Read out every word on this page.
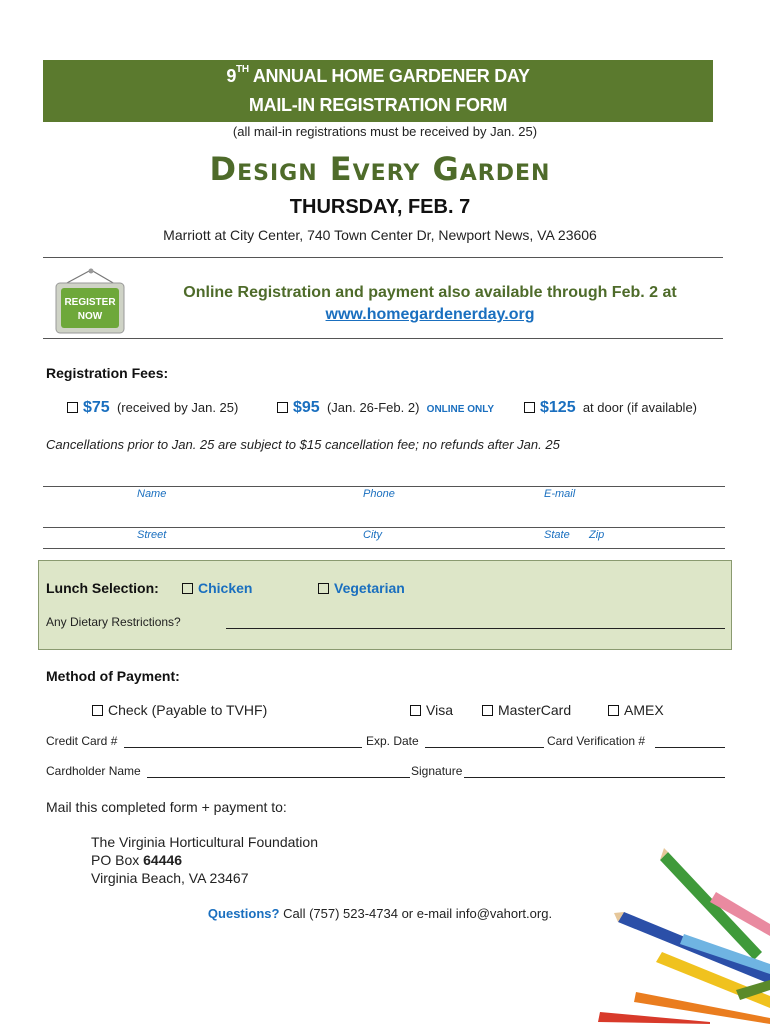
9TH ANNUAL HOME GARDENER DAY
MAIL-IN REGISTRATION FORM
(all mail-in registrations must be received by Jan. 25)
Design Every Garden
THURSDAY, FEB. 7
Marriott at City Center, 740 Town Center Dr, Newport News, VA 23606
REGISTER
NOW
Online Registration and payment also available through Feb. 2 at
www.homegardenerday.org
Registration Fees:
$75 (received by Jan. 25)	$95 (Jan. 26-Feb. 2) ONLINE ONLY	$125 at door (if available)
Cancellations prior to Jan. 25 are subject to $15 cancellation fee; no refunds after Jan. 25
Name	Phone	E-mail
Street	City	State Zip
Lunch Selection:	Chicken	Vegetarian
Any Dietary Restrictions?
Method of Payment:
Check (Payable to TVHF)	Visa	MasterCard	AMEX
Credit Card #	Exp. Date	Card Verification #
Cardholder Name	Signature
Mail this completed form + payment to:
The Virginia Horticultural Foundation
PO Box 64446
Virginia Beach, VA 23467
Questions? Call (757) 523-4734 or e-mail info@vahort.org.
